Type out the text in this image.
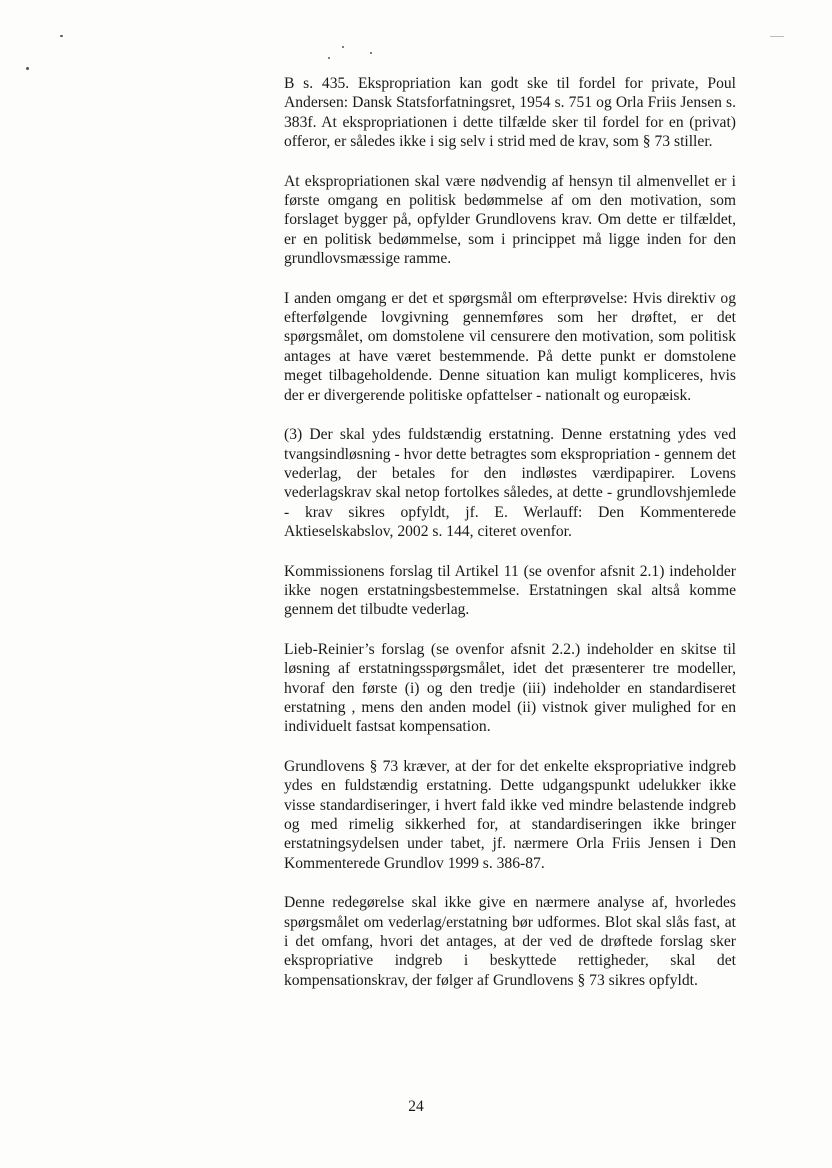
B s. 435. Ekspropriation kan godt ske til fordel for private, Poul Andersen: Dansk Statsforfatningsret, 1954 s. 751 og Orla Friis Jensen s. 383f. At ekspropriationen i dette tilfælde sker til fordel for en (privat) offeror, er således ikke i sig selv i strid med de krav, som § 73 stiller.

At ekspropriationen skal være nødvendig af hensyn til almenvellet er i første omgang en politisk bedømmelse af om den motivation, som forslaget bygger på, opfylder Grundlovens krav. Om dette er tilfældet, er en politisk bedømmelse, som i princippet må ligge inden for den grundlovsmæssige ramme.

I anden omgang er det et spørgsmål om efterprøvelse: Hvis direktiv og efterfølgende lovgivning gennemføres som her drøftet, er det spørgsmålet, om domstolene vil censurere den motivation, som politisk antages at have været bestemmende. På dette punkt er domstolene meget tilbageholdende. Denne situation kan muligt kompliceres, hvis der er divergerende politiske opfattelser - nationalt og europæisk.

(3) Der skal ydes fuldstændig erstatning. Denne erstatning ydes ved tvangsindløsning - hvor dette betragtes som ekspropriation - gennem det vederlag, der betales for den indløstes værdipapirer. Lovens vederlagskrav skal netop fortolkes således, at dette - grundlovshjemlede - krav sikres opfyldt, jf. E. Werlauff: Den Kommenterede Aktieselskabslov, 2002 s. 144, citeret ovenfor.

Kommissionens forslag til Artikel 11 (se ovenfor afsnit 2.1) indeholder ikke nogen erstatningsbestemmelse. Erstatningen skal altså komme gennem det tilbudte vederlag.

Lieb-Reinier’s forslag (se ovenfor afsnit 2.2.) indeholder en skitse til løsning af erstatningsspørgsmålet, idet det præsenterer tre modeller, hvoraf den første (i) og den tredje (iii) indeholder en standardiseret erstatning , mens den anden model (ii) vistnok giver mulighed for en individuelt fastsat kompensation.

Grundlovens § 73 kræver, at der for det enkelte ekspropriative indgreb ydes en fuldstændig erstatning. Dette udgangspunkt udelukker ikke visse standardiseringer, i hvert fald ikke ved mindre belastende indgreb og med rimelig sikkerhed for, at standardiseringen ikke bringer erstatningsydelsen under tabet, jf. nærmere Orla Friis Jensen i Den Kommenterede Grundlov 1999 s. 386-87.

Denne redegørelse skal ikke give en nærmere analyse af, hvorledes spørgsmålet om vederlag/erstatning bør udformes. Blot skal slås fast, at i det omfang, hvori det antages, at der ved de drøftede forslag sker ekspropriative indgreb i beskyttede rettigheder, skal det kompensationskrav, der følger af Grundlovens § 73 sikres opfyldt.

24
